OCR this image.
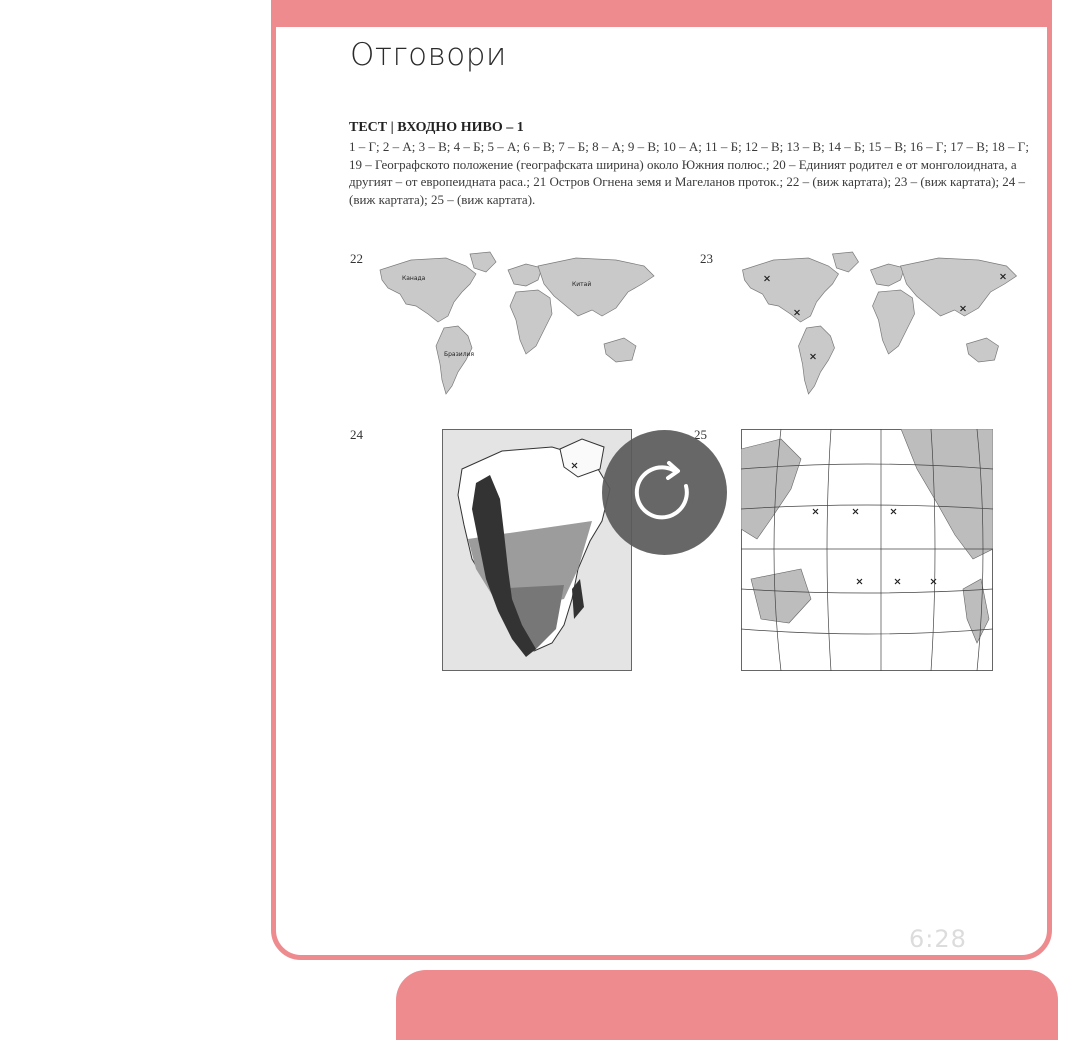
Отговори

ТЕСТ | ВХОДНО НИВО – 1

1 – Г; 2 – А; 3 – В; 4 – Б; 5 – А; 6 – В; 7 – Б; 8 – А; 9 – В; 10 – А; 11 – Б; 12 – В; 13 – В; 14 – Б; 15 – В; 16 – Г; 17 – В; 18 – Г; 19 – Географското положение (географската ширина) около Южния полюс.; 20 – Единият родител е от монголоидната, а другият – от европеидната раса.; 21 Остров Огнена земя и Магеланов проток.; 22 – (виж картата); 23 – (виж картата); 24 – (виж картата); 25 – (виж картата).

22
Канада
Китай
Бразилия
23
24	25
6:28
